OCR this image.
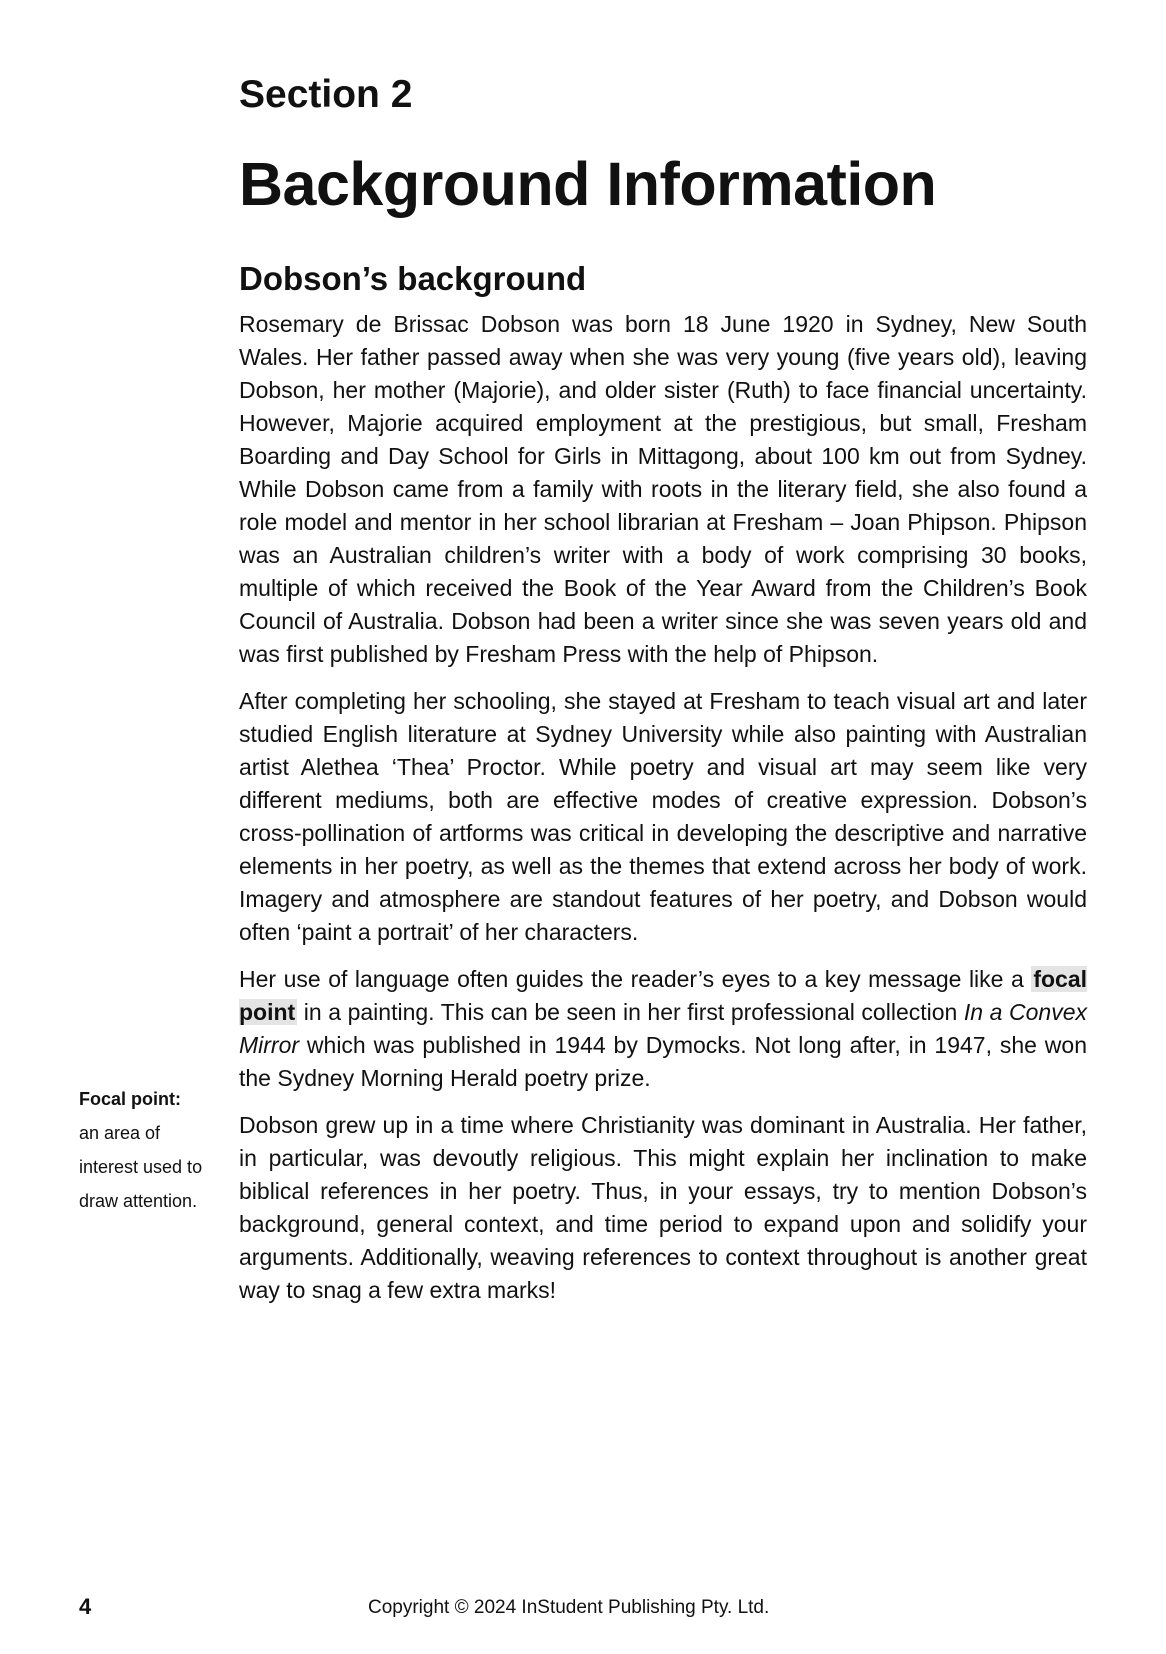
Section 2
Background Information
Dobson’s background

Rosemary de Brissac Dobson was born 18 June 1920 in Sydney, New South Wales. Her father passed away when she was very young (five years old), leaving Dobson, her mother (Majorie), and older sister (Ruth) to face financial uncertainty. However, Majorie acquired employment at the prestigious, but small, Fresham Boarding and Day School for Girls in Mittagong, about 100 km out from Sydney. While Dobson came from a family with roots in the literary field, she also found a role model and mentor in her school librarian at Fresham – Joan Phipson. Phipson was an Australian children’s writer with a body of work comprising 30 books, multiple of which received the Book of the Year Award from the Children’s Book Council of Australia. Dobson had been a writer since she was seven years old and was first published by Fresham Press with the help of Phipson.

After completing her schooling, she stayed at Fresham to teach visual art and later studied English literature at Sydney University while also painting with Australian artist Alethea ‘Thea’ Proctor. While poetry and visual art may seem like very different mediums, both are effective modes of creative expression. Dobson’s cross-pollination of artforms was critical in developing the descriptive and narrative elements in her poetry, as well as the themes that extend across her body of work. Imagery and atmosphere are standout features of her poetry, and Dobson would often ‘paint a portrait’ of her characters.

Her use of language often guides the reader’s eyes to a key message like a focal point in a painting. This can be seen in her first professional collection In a Convex Mirror which was published in 1944 by Dymocks. Not long after, in 1947, she won the Sydney Morning Herald poetry prize.

Dobson grew up in a time where Christianity was dominant in Australia. Her father, in particular, was devoutly religious. This might explain her inclination to make biblical references in her poetry. Thus, in your essays, try to mention Dobson’s background, general context, and time period to expand upon and solidify your arguments. Additionally, weaving references to context throughout is another great way to snag a few extra marks!

Focal point:
an area of
interest used to
draw attention.
4	Copyright © 2024 InStudent Publishing Pty. Ltd.
